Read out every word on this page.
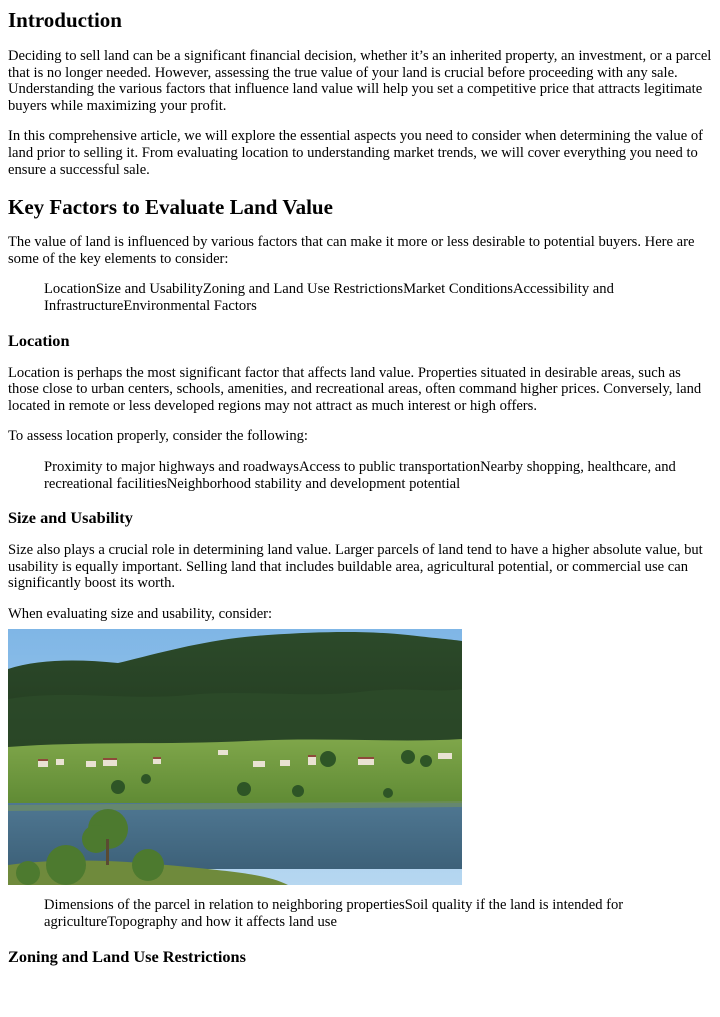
Introduction

Deciding to sell land can be a significant financial decision, whether it’s an inherited property, an investment, or a parcel that is no longer needed. However, assessing the true value of your land is crucial before proceeding with any sale. Understanding the various factors that influence land value will help you set a competitive price that attracts legitimate buyers while maximizing your profit.

In this comprehensive article, we will explore the essential aspects you need to consider when determining the value of land prior to selling it. From evaluating location to understanding market trends, we will cover everything you need to ensure a successful sale.

Key Factors to Evaluate Land Value

The value of land is influenced by various factors that can make it more or less desirable to potential buyers. Here are some of the key elements to consider:

LocationSize and UsabilityZoning and Land Use RestrictionsMarket ConditionsAccessibility and InfrastructureEnvironmental Factors

Location

Location is perhaps the most significant factor that affects land value. Properties situated in desirable areas, such as those close to urban centers, schools, amenities, and recreational areas, often command higher prices. Conversely, land located in remote or less developed regions may not attract as much interest or high offers.

To assess location properly, consider the following:

Proximity to major highways and roadwaysAccess to public transportationNearby shopping, healthcare, and recreational facilitiesNeighborhood stability and development potential

Size and Usability

Size also plays a crucial role in determining land value. Larger parcels of land tend to have a higher absolute value, but usability is equally important. Selling land that includes buildable area, agricultural potential, or commercial use can significantly boost its worth.

When evaluating size and usability, consider:

Dimensions of the parcel in relation to neighboring propertiesSoil quality if the land is intended for agricultureTopography and how it affects land use

Zoning and Land Use Restrictions
